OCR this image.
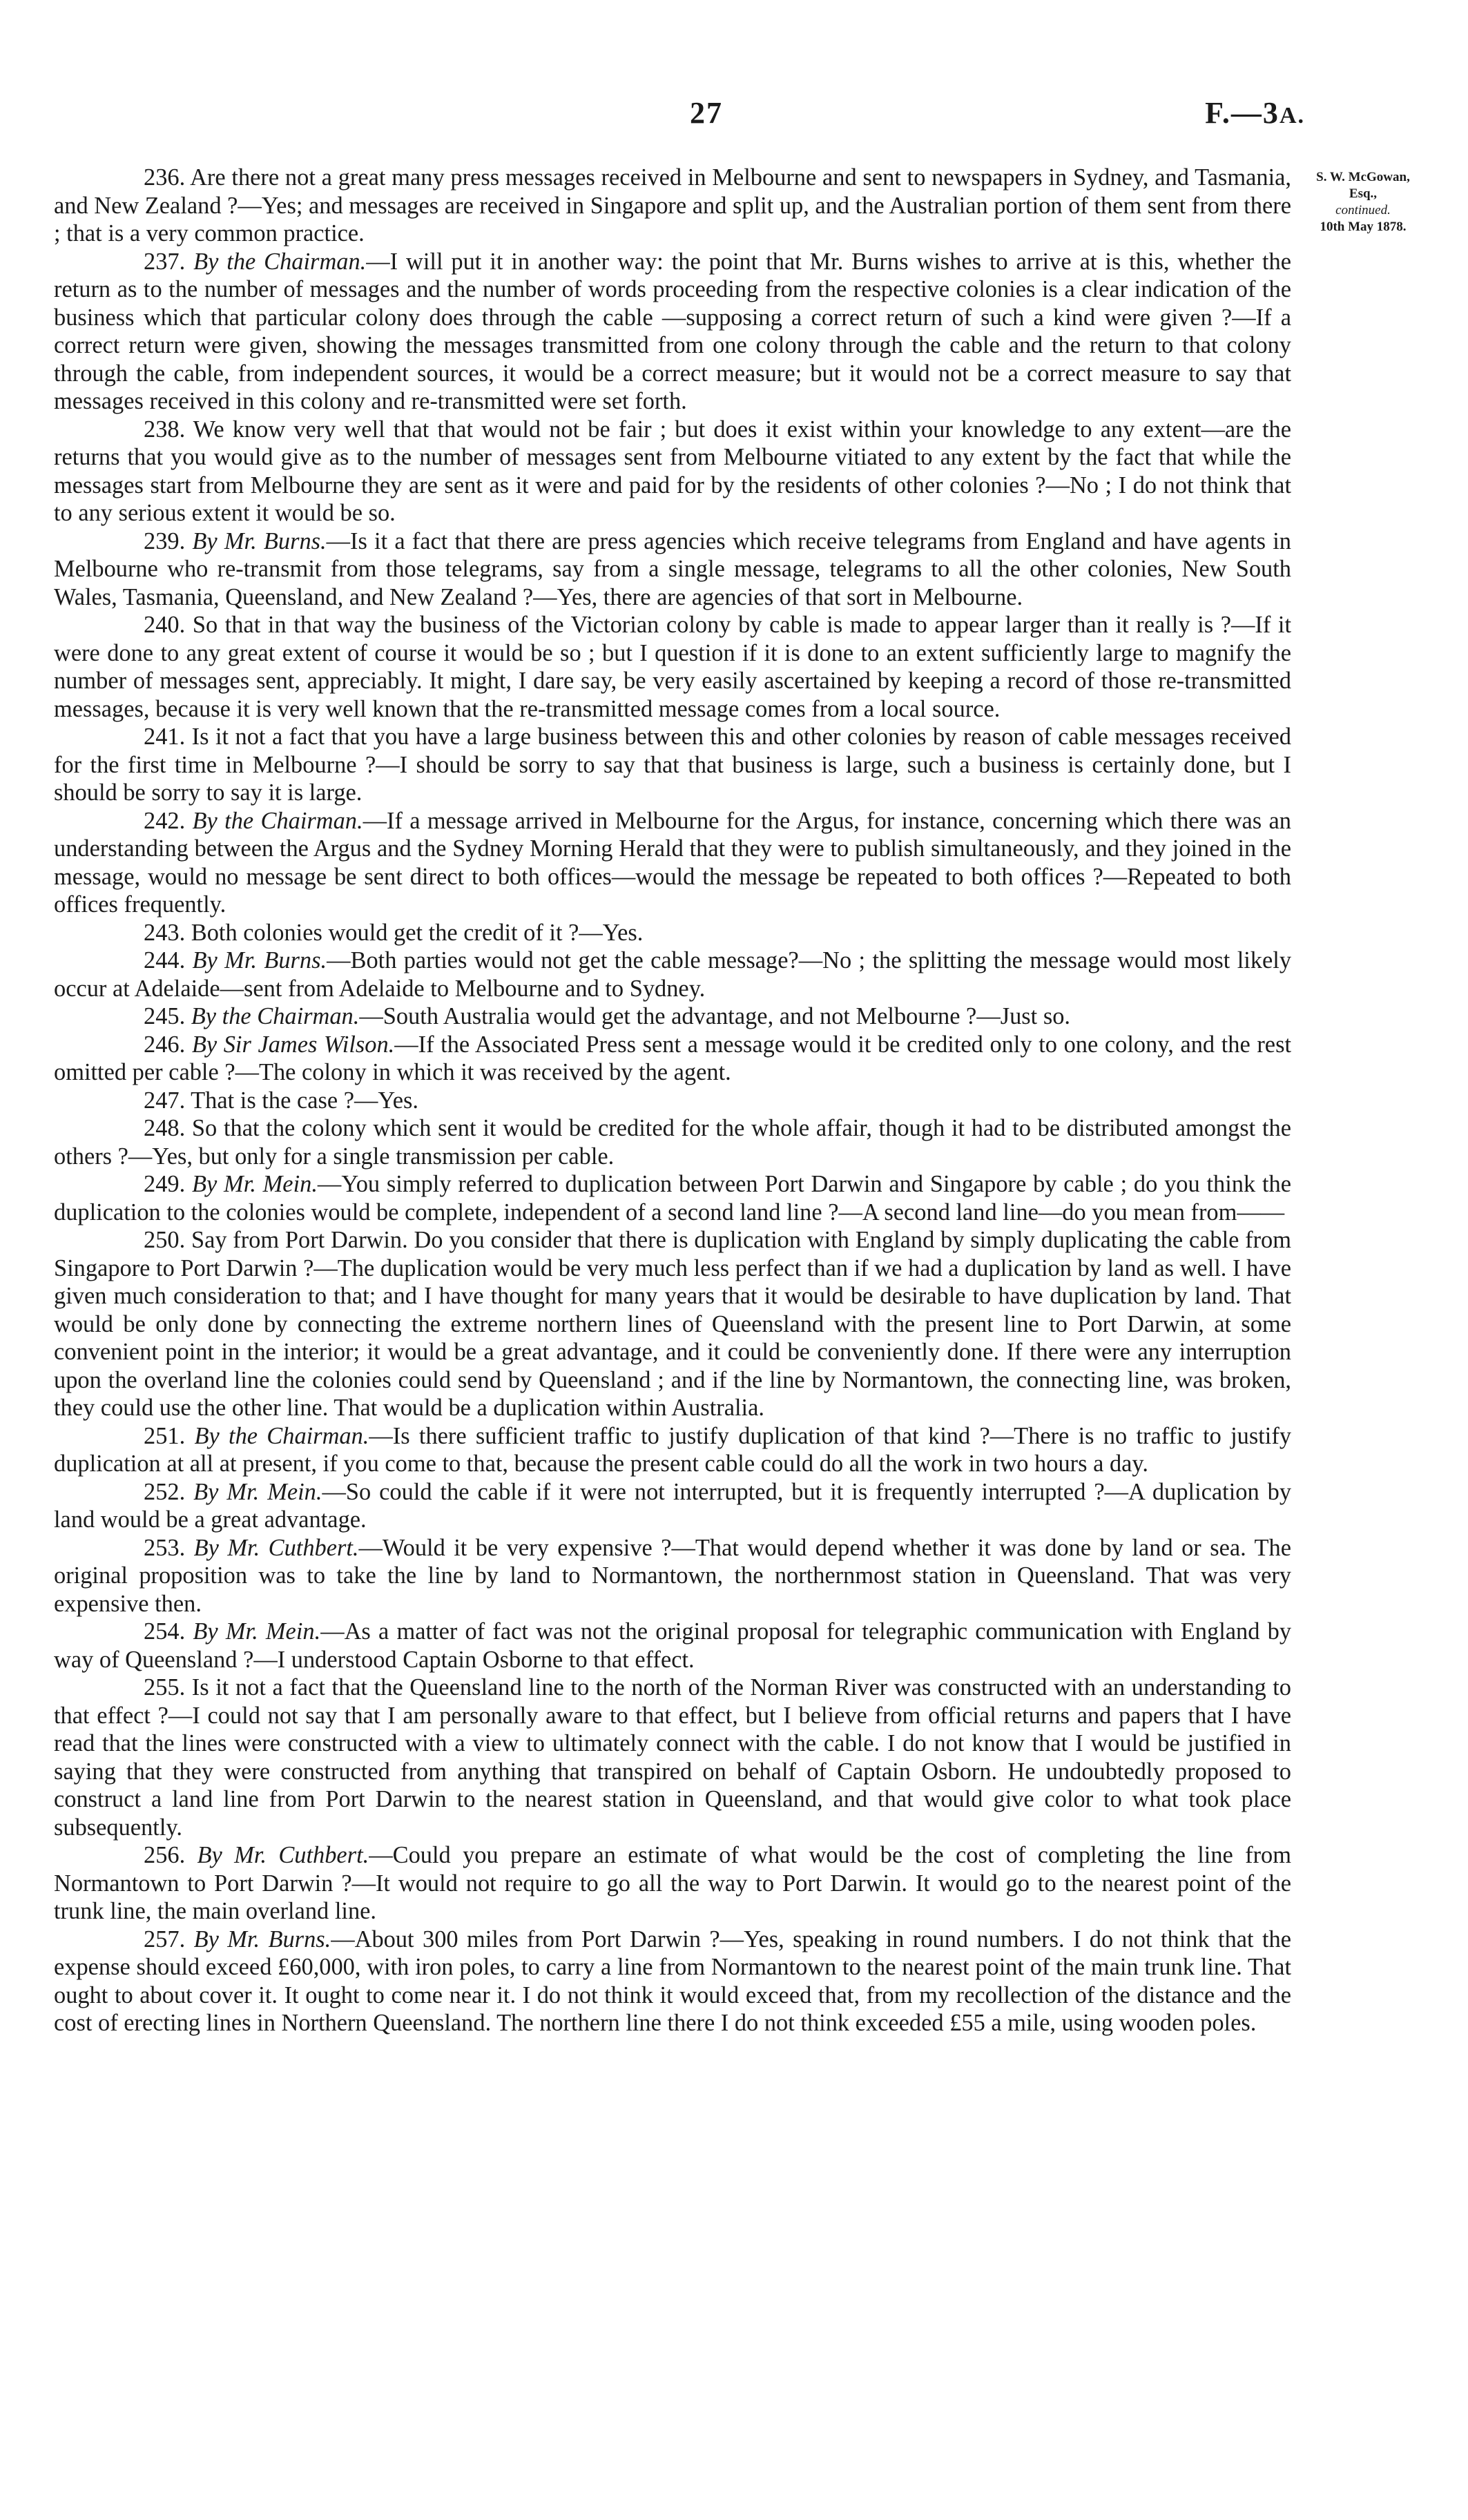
27	F.—3A.
S. W. McGowan,
Esq.,
continued.
10th May 1878.

236. Are there not a great many press messages received in Melbourne and sent to newspapers in Sydney, and Tasmania, and New Zealand ?—Yes; and messages are received in Singapore and split up, and the Australian portion of them sent from there ; that is a very common practice.

237. By the Chairman.—I will put it in another way: the point that Mr. Burns wishes to arrive at is this, whether the return as to the number of messages and the number of words proceeding from the respective colonies is a clear indication of the business which that particular colony does through the cable —supposing a correct return of such a kind were given ?—If a correct return were given, showing the messages transmitted from one colony through the cable and the return to that colony through the cable, from independent sources, it would be a correct measure; but it would not be a correct measure to say that messages received in this colony and re-transmitted were set forth.

238. We know very well that that would not be fair ; but does it exist within your knowledge to any extent—are the returns that you would give as to the number of messages sent from Melbourne vitiated to any extent by the fact that while the messages start from Melbourne they are sent as it were and paid for by the residents of other colonies ?—No ; I do not think that to any serious extent it would be so.

239. By Mr. Burns.—Is it a fact that there are press agencies which receive telegrams from England and have agents in Melbourne who re-transmit from those telegrams, say from a single message, telegrams to all the other colonies, New South Wales, Tasmania, Queensland, and New Zealand ?—Yes, there are agencies of that sort in Melbourne.

240. So that in that way the business of the Victorian colony by cable is made to appear larger than it really is ?—If it were done to any great extent of course it would be so ; but I question if it is done to an extent sufficiently large to magnify the number of messages sent, appreciably. It might, I dare say, be very easily ascertained by keeping a record of those re-transmitted messages, because it is very well known that the re-transmitted message comes from a local source.

241. Is it not a fact that you have a large business between this and other colonies by reason of cable messages received for the first time in Melbourne ?—I should be sorry to say that that business is large, such a business is certainly done, but I should be sorry to say it is large.

242. By the Chairman.—If a message arrived in Melbourne for the Argus, for instance, concerning which there was an understanding between the Argus and the Sydney Morning Herald that they were to publish simultaneously, and they joined in the message, would no message be sent direct to both offices—would the message be repeated to both offices ?—Repeated to both offices frequently.

243. Both colonies would get the credit of it ?—Yes.

244. By Mr. Burns.—Both parties would not get the cable message?—No ; the splitting the message would most likely occur at Adelaide—sent from Adelaide to Melbourne and to Sydney.

245. By the Chairman.—South Australia would get the advantage, and not Melbourne ?—Just so.

246. By Sir James Wilson.—If the Associated Press sent a message would it be credited only to one colony, and the rest omitted per cable ?—The colony in which it was received by the agent.

247. That is the case ?—Yes.

248. So that the colony which sent it would be credited for the whole affair, though it had to be distributed amongst the others ?—Yes, but only for a single transmission per cable.

249. By Mr. Mein.—You simply referred to duplication between Port Darwin and Singapore by cable ; do you think the duplication to the colonies would be complete, independent of a second land line ?—A second land line—do you mean from——

250. Say from Port Darwin. Do you consider that there is duplication with England by simply duplicating the cable from Singapore to Port Darwin ?—The duplication would be very much less perfect than if we had a duplication by land as well. I have given much consideration to that; and I have thought for many years that it would be desirable to have duplication by land. That would be only done by connecting the extreme northern lines of Queensland with the present line to Port Darwin, at some convenient point in the interior; it would be a great advantage, and it could be conveniently done. If there were any interruption upon the overland line the colonies could send by Queensland ; and if the line by Normantown, the connecting line, was broken, they could use the other line. That would be a duplication within Australia.

251. By the Chairman.—Is there sufficient traffic to justify duplication of that kind ?—There is no traffic to justify duplication at all at present, if you come to that, because the present cable could do all the work in two hours a day.

252. By Mr. Mein.—So could the cable if it were not interrupted, but it is frequently interrupted ?—A duplication by land would be a great advantage.

253. By Mr. Cuthbert.—Would it be very expensive ?—That would depend whether it was done by land or sea. The original proposition was to take the line by land to Normantown, the northernmost station in Queensland. That was very expensive then.

254. By Mr. Mein.—As a matter of fact was not the original proposal for telegraphic communication with England by way of Queensland ?—I understood Captain Osborne to that effect.

255. Is it not a fact that the Queensland line to the north of the Norman River was constructed with an understanding to that effect ?—I could not say that I am personally aware to that effect, but I believe from official returns and papers that I have read that the lines were constructed with a view to ultimately connect with the cable. I do not know that I would be justified in saying that they were constructed from anything that transpired on behalf of Captain Osborn. He undoubtedly proposed to construct a land line from Port Darwin to the nearest station in Queensland, and that would give color to what took place subsequently.

256. By Mr. Cuthbert.—Could you prepare an estimate of what would be the cost of completing the line from Normantown to Port Darwin ?—It would not require to go all the way to Port Darwin. It would go to the nearest point of the trunk line, the main overland line.

257. By Mr. Burns.—About 300 miles from Port Darwin ?—Yes, speaking in round numbers. I do not think that the expense should exceed £60,000, with iron poles, to carry a line from Normantown to the nearest point of the main trunk line. That ought to about cover it. It ought to come near it. I do not think it would exceed that, from my recollection of the distance and the cost of erecting lines in Northern Queensland. The northern line there I do not think exceeded £55 a mile, using wooden poles.
